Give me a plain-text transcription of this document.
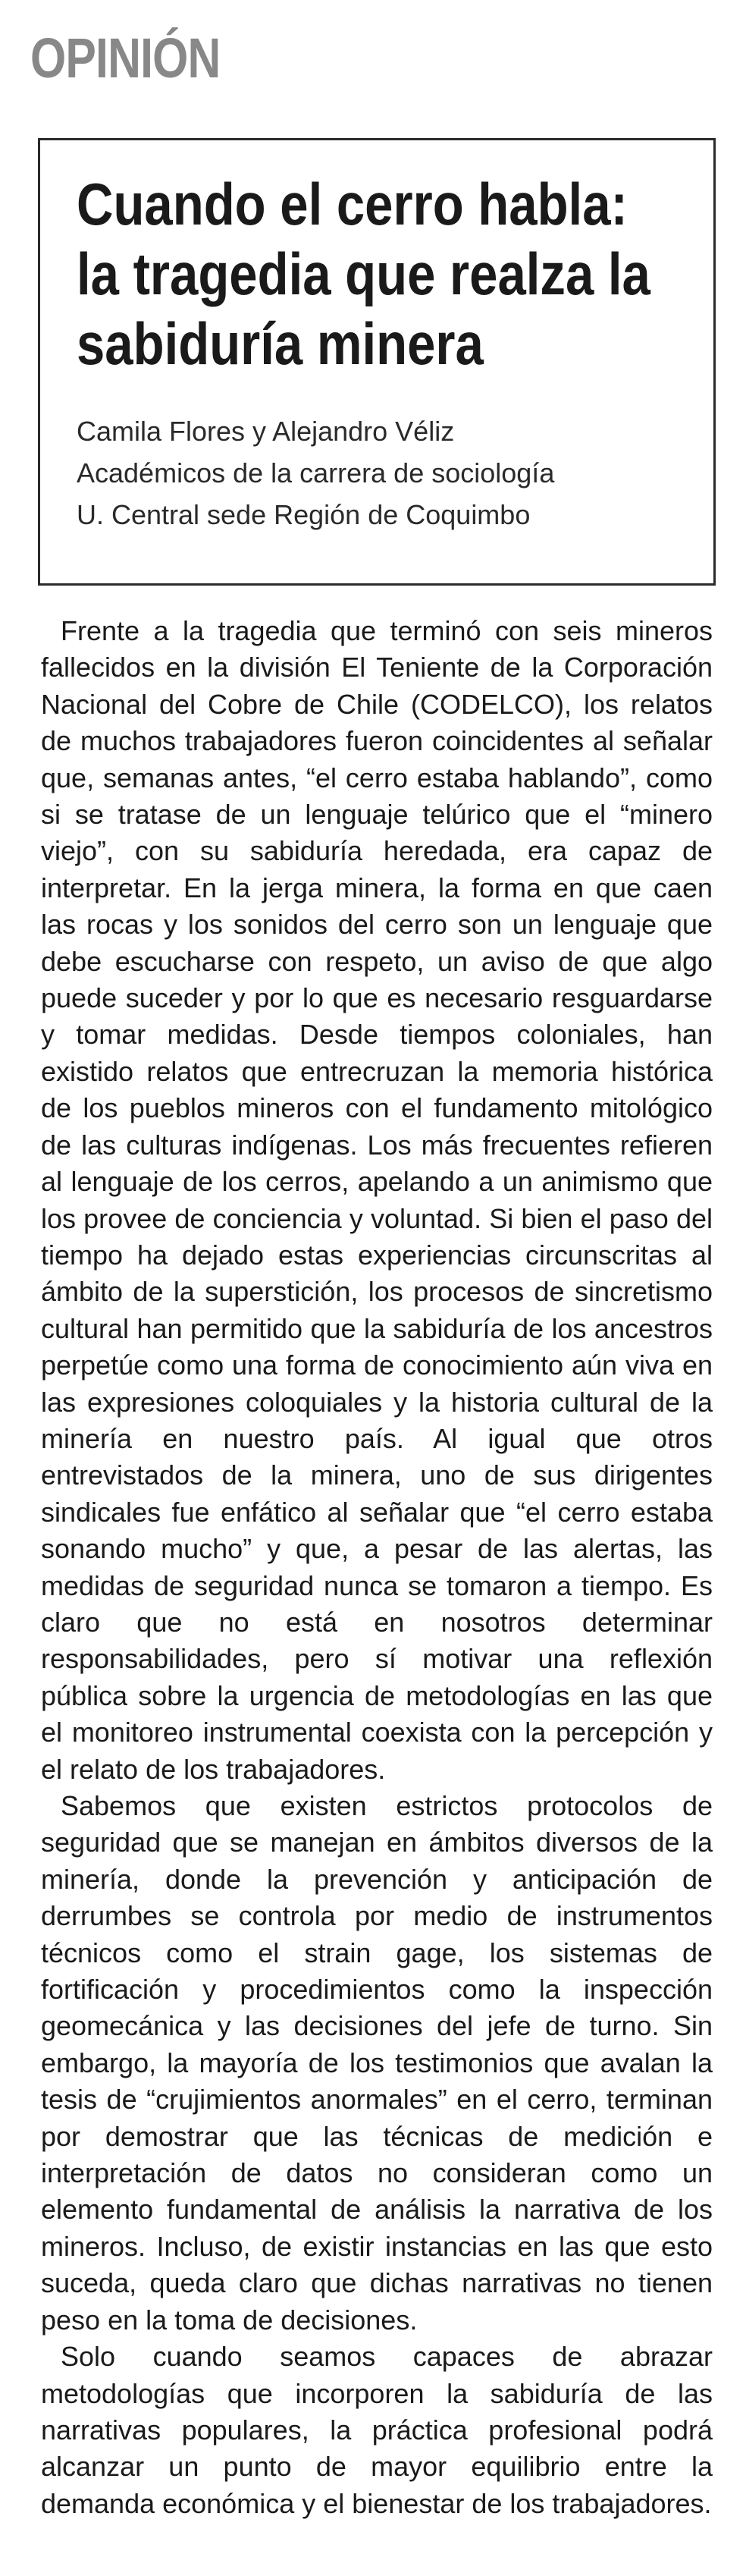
OPINIÓN
Cuando el cerro habla:
la tragedia que realza la
sabiduría minera
Camila Flores y Alejandro Véliz
Académicos de la carrera de sociología
U. Central sede Región de Coquimbo

Frente a la tragedia que terminó con seis mineros fallecidos en la división El Teniente de la Corporación Nacional del Cobre de Chile (CODELCO), los relatos de muchos trabajadores fueron coincidentes al señalar que, semanas antes, “el cerro estaba hablando”, como si se tratase de un lenguaje telúrico que el “minero viejo”, con su sabiduría heredada, era capaz de interpretar. En la jerga minera, la forma en que caen las rocas y los sonidos del cerro son un lenguaje que debe escucharse con respeto, un aviso de que algo puede suceder y por lo que es necesario resguardarse y tomar medidas. Desde tiempos coloniales, han existido relatos que entrecruzan la memoria histórica de los pueblos mineros con el fundamento mitológico de las culturas indígenas. Los más frecuentes refieren al lenguaje de los cerros, apelando a un animismo que los provee de conciencia y voluntad. Si bien el paso del tiempo ha dejado estas experiencias circunscritas al ámbito de la superstición, los procesos de sincretismo cultural han permitido que la sabiduría de los ancestros perpetúe como una forma de conocimiento aún viva en las expresiones coloquiales y la historia cultural de la minería en nuestro país. Al igual que otros entrevistados de la minera, uno de sus dirigentes sindicales fue enfático al señalar que “el cerro estaba sonando mucho” y que, a pesar de las alertas, las medidas de seguridad nunca se tomaron a tiempo. Es claro que no está en nosotros determinar responsabilidades, pero sí motivar una reflexión pública sobre la urgencia de metodologías en las que el monitoreo instrumental coexista con la percepción y el relato de los trabajadores.

Sabemos que existen estrictos protocolos de seguridad que se manejan en ámbitos diversos de la minería, donde la prevención y anticipación de derrumbes se controla por medio de instrumentos técnicos como el strain gage, los sistemas de fortificación y procedimientos como la inspección geomecánica y las decisiones del jefe de turno. Sin embargo, la mayoría de los testimonios que avalan la tesis de “crujimientos anormales” en el cerro, terminan por demostrar que las técnicas de medición e interpretación de datos no consideran como un elemento fundamental de análisis la narrativa de los mineros. Incluso, de existir instancias en las que esto suceda, queda claro que dichas narrativas no tienen peso en la toma de decisiones.

Solo cuando seamos capaces de abrazar metodologías que incorporen la sabiduría de las narrativas populares, la práctica profesional podrá alcanzar un punto de mayor equilibrio entre la demanda económica y el bienestar de los trabajadores.
